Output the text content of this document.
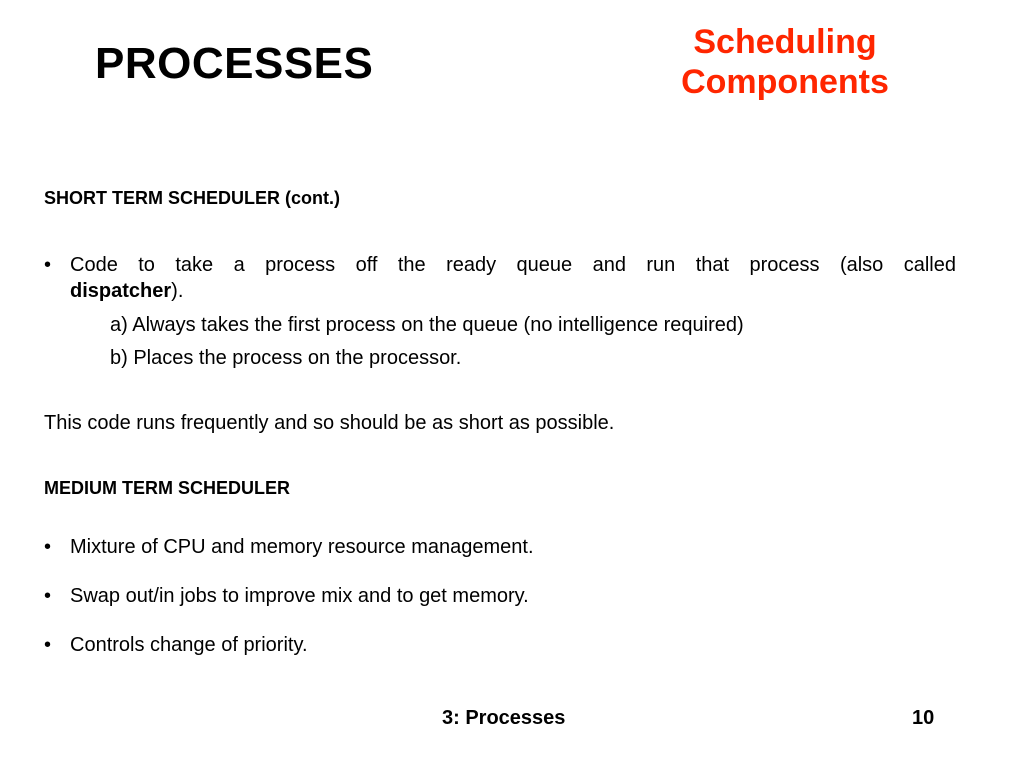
PROCESSES	Scheduling
Components
SHORT TERM SCHEDULER (cont.)
• Code to take a process off the ready queue and run that process (also called
dispatcher).
a) Always takes the first process on the queue (no intelligence required)
b) Places the process on the processor.
This code runs frequently and so should be as short as possible.
MEDIUM TERM SCHEDULER
• Mixture of CPU and memory resource management.
• Swap out/in jobs to improve mix and to get memory.
• Controls change of priority.
3: Processes	10
